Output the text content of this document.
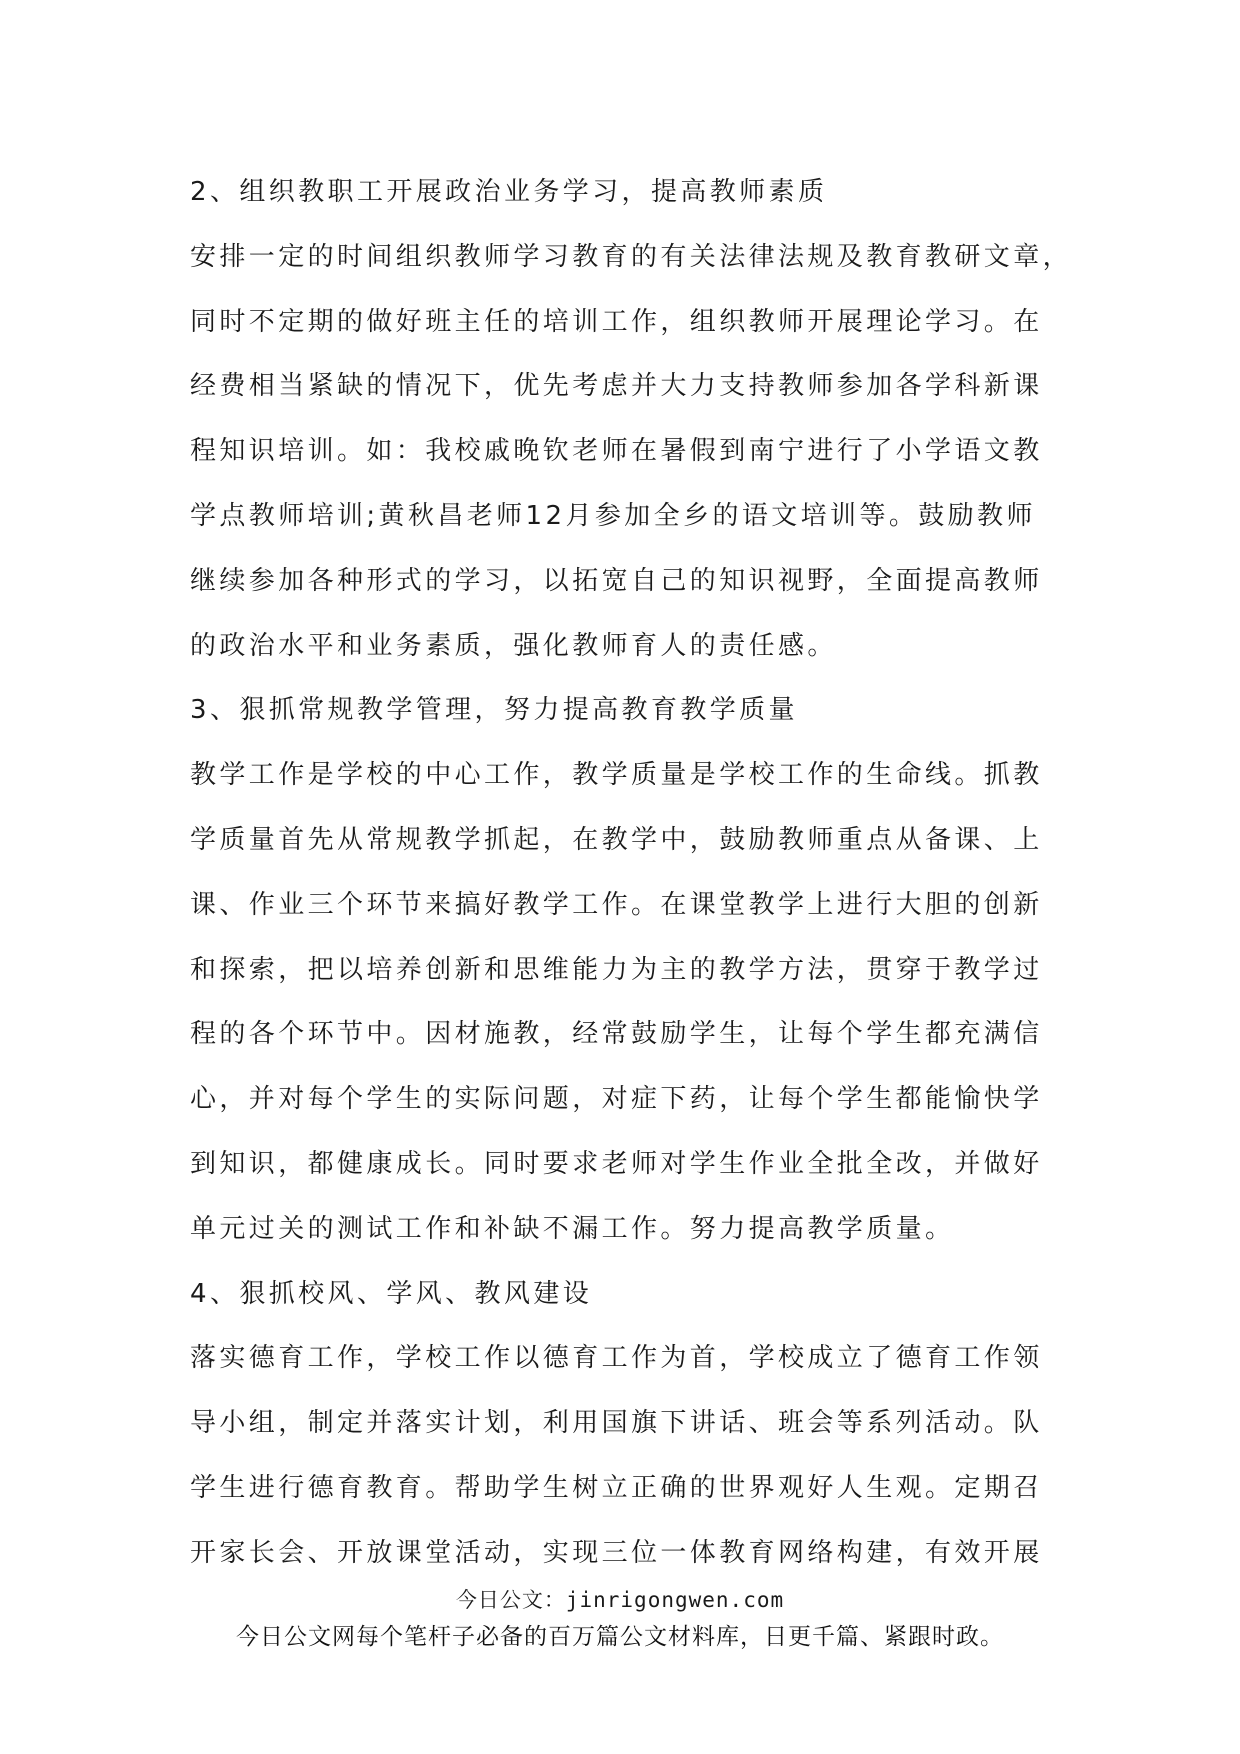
2、组织教职工开展政治业务学习，提高教师素质
安排一定的时间组织教师学习教育的有关法律法规及教育教研文章，
同时不定期的做好班主任的培训工作，组织教师开展理论学习。在
经费相当紧缺的情况下，优先考虑并大力支持教师参加各学科新课
程知识培训。如：我校戚晚钦老师在暑假到南宁进行了小学语文教
学点教师培训;黄秋昌老师12月参加全乡的语文培训等。鼓励教师
继续参加各种形式的学习，以拓宽自己的知识视野，全面提高教师
的政治水平和业务素质，强化教师育人的责任感。
3、狠抓常规教学管理，努力提高教育教学质量
教学工作是学校的中心工作，教学质量是学校工作的生命线。抓教
学质量首先从常规教学抓起，在教学中，鼓励教师重点从备课、上
课、作业三个环节来搞好教学工作。在课堂教学上进行大胆的创新
和探索，把以培养创新和思维能力为主的教学方法，贯穿于教学过
程的各个环节中。因材施教，经常鼓励学生，让每个学生都充满信
心，并对每个学生的实际问题，对症下药，让每个学生都能愉快学
到知识，都健康成长。同时要求老师对学生作业全批全改，并做好
单元过关的测试工作和补缺不漏工作。努力提高教学质量。
4、狠抓校风、学风、教风建设
落实德育工作，学校工作以德育工作为首，学校成立了德育工作领
导小组，制定并落实计划，利用国旗下讲话、班会等系列活动。队
学生进行德育教育。帮助学生树立正确的世界观好人生观。定期召
开家长会、开放课堂活动，实现三位一体教育网络构建，有效开展
今日公文：jinrigongwen.com
今日公文网每个笔杆子必备的百万篇公文材料库，日更千篇、紧跟时政。
